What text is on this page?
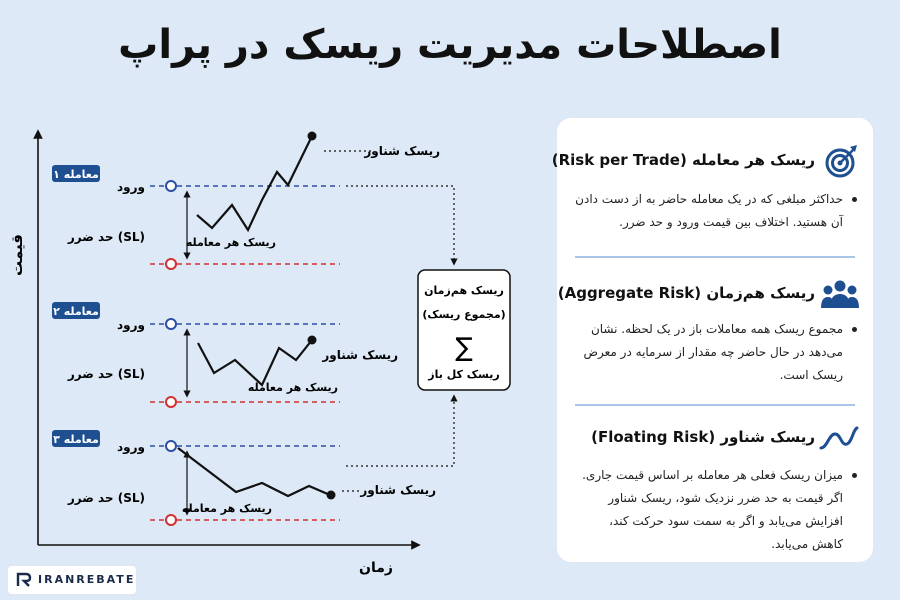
اصطلاحات مدیریت ریسک در پراپ
قیمت
زمان
معامله ۱
ورود
حد ضرر (SL)	ریسک هر معامله
ریسک شناور
معامله ۲
ورود
حد ضرر (SL)
ریسک هر معامله
ریسک شناور
معامله ۳
ورود
حد ضرر (SL)
ریسک هر معامله
ریسک شناور
ریسک هم‌زمان
(مجموع ریسک)
∑
ریسک کل باز
ریسک هر معامله (Risk per Trade)
حداکثر مبلغی که در یک معامله حاضر به از دست دادن آن هستید. اختلاف بین قیمت ورود و حد ضرر.
ریسک هم‌زمان (Aggregate Risk)
مجموع ریسک همه معاملات باز در یک لحظه. نشان می‌دهد در حال حاضر چه مقدار از سرمایه در معرض ریسک است.
ریسک شناور (Floating Risk)
میزان ریسک فعلی هر معامله بر اساس قیمت جاری. اگر قیمت به حد ضرر نزدیک شود، ریسک شناور افزایش می‌یابد و اگر به سمت سود حرکت کند، کاهش می‌یابد.
IRANREBATE
